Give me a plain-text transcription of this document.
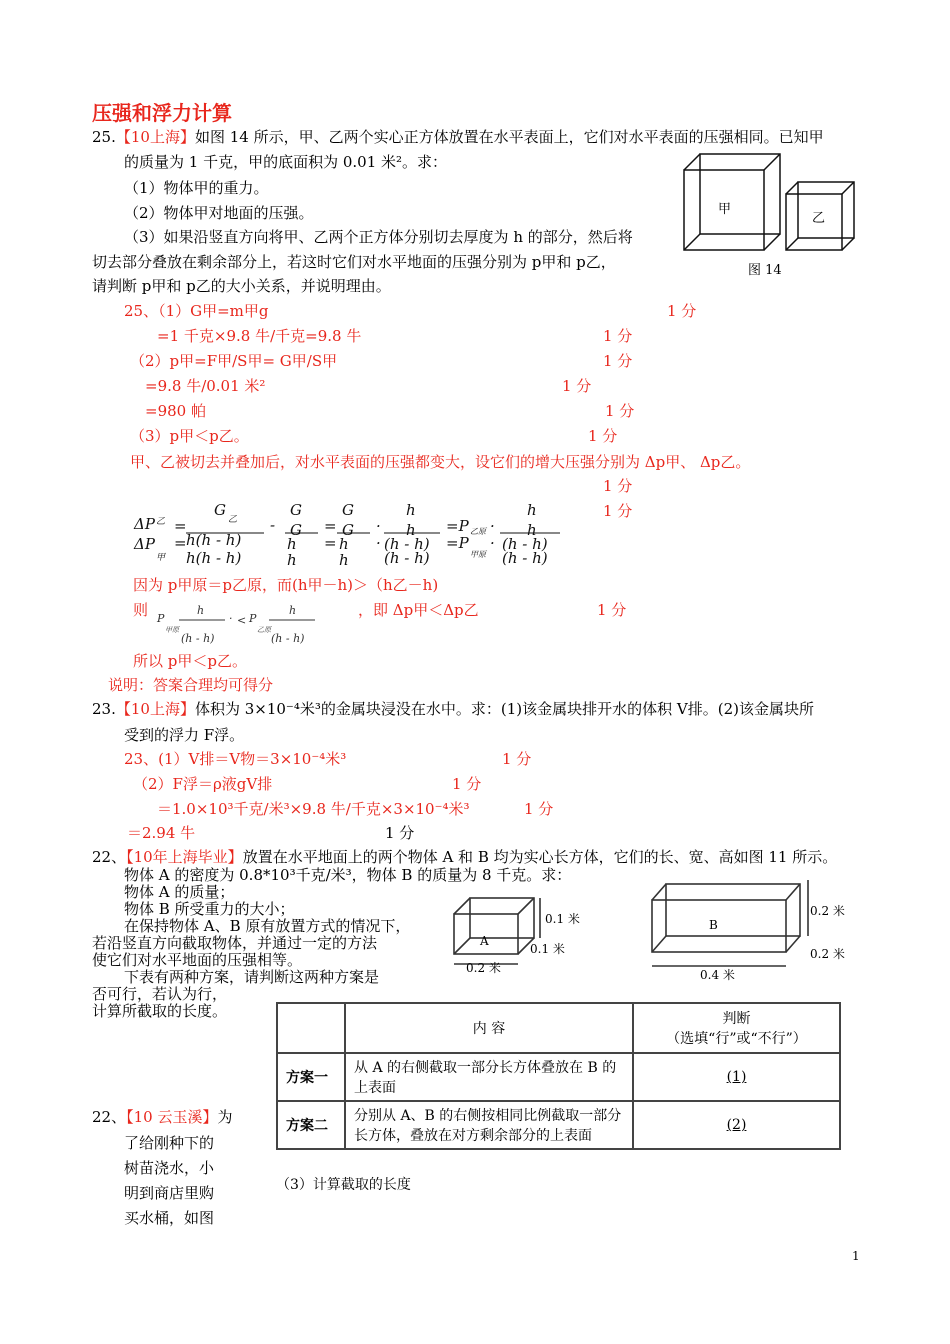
压强和浮力计算
25.【10上海】如图 14 所示，甲、乙两个实心正方体放置在水平表面上，它们对水平表面的压强相同。已知甲
的质量为 1 千克，甲的底面积为 0.01 米²。求：
（1）物体甲的重力。
（2）物体甲对地面的压强。
（3）如果沿竖直方向将甲、乙两个正方体分别切去厚度为 h 的部分，然后将
切去部分叠放在剩余部分上，若这时它们对水平地面的压强分别为 p甲和 p乙，
请判断 p甲和 p乙的大小关系，并说明理由。
甲
乙
图 14
25、（1）G甲=m甲g	1 分
=1 千克×9.8 牛/千克=9.8 牛	1 分
（2）p甲=F甲/S甲= G甲/S甲	1 分
=9.8 牛/0.01 米²	1 分
=980 帕	1 分
（3）p甲＜p乙。	1 分
甲、乙被切去并叠加后，对水平表面的压强都变大，设它们的增大压强分别为 Δp甲、 Δp乙。
1 分
1 分
ΔP
ΔP
乙
甲
=
=
G
乙
h(h - h)
h(h - h)
-
G
G
h
h
=
=
G
G
h
h
·
·
h
h
(h - h)
(h - h)
=P
=P
乙原
甲原
·
·
h
h
(h - h)
(h - h)
因为 p甲原＝p乙原，而(h甲－h)＞（h乙－h)
则 P
甲原
h
(h - h)
· < P
乙原
h
(h - h)
，即 Δp甲＜Δp乙	1 分
所以 p甲＜p乙。
说明：答案合理均可得分
23.【10上海】体积为 3×10⁻⁴米³的金属块浸没在水中。求：(1)该金属块排开水的体积 V排。(2)该金属块所
受到的浮力 F浮。
23、(1）V排＝V物＝3×10⁻⁴米³	1 分
（2）F浮＝ρ液gV排	1 分
＝1.0×10³千克/米³×9.8 牛/千克×3×10⁻⁴米³	1 分
＝2.94 牛	1 分
22、【10年上海毕业】放置在水平地面上的两个物体 A 和 B 均为实心长方体，它们的长、宽、高如图 11 所示。
物体 A 的密度为 0.8*10³千克/米³，物体 B 的质量为 8 千克。求：
物体 A 的质量；
物体 B 所受重力的大小；
在保持物体 A、B 原有放置方式的情况下，
若沿竖直方向截取物体，并通过一定的方法
使它们对水平地面的压强相等。
下表有两种方案，请判断这两种方案是
否可行，若认为行，
计算所截取的长度。
A
0.1 米
0.1 米
0.2 米
B
0.2 米
0.2 米
0.4 米
	内 容	判断
（选填“行”或“不行”）

方案一	从 A 的右侧截取一部分长方体叠放在 B 的上表面	(1)
方案二	分别从 A、B 的右侧按相同比例截取一部分长方体，叠放在对方剩余部分的上表面	(2)
（3）计算截取的长度
22、【10 云玉溪】为
了给刚种下的
树苗浇水，小
明到商店里购
买水桶，如图
1
